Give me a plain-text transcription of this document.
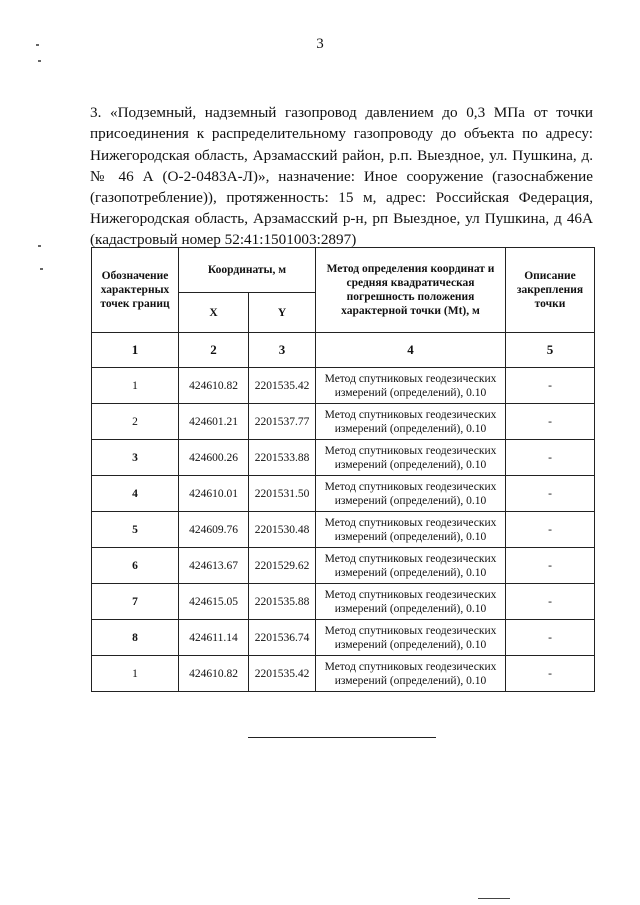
3

3. «Подземный, надземный газопровод давлением до 0,3 МПа от точки присоединения к распределительному газопроводу до объекта по адресу: Нижегородская область, Арзамасский район, р.п. Выездное, ул. Пушкина, д. № 46 А (О-2-0483А-Л)», назначение: Иное сооружение (газоснабжение (газопотребление)), протяженность: 15 м, адрес: Российская Федерация, Нижегородская область, Арзамасский р-н, рп Выездное, ул Пушкина, д 46А (кадастровый номер 52:41:1501003:2897)

Обозначение характерных точек границ	Координаты, м		Метод определения координат и средняя квадратическая погрешность положения характерной точки (Mt), м	Описание закрепления точки
	X	Y		
1	2	3	4	5
1	424610.82	2201535.42	Метод спутниковых геодезических измерений (определений), 0.10	-
2	424601.21	2201537.77	Метод спутниковых геодезических измерений (определений), 0.10	-
3	424600.26	2201533.88	Метод спутниковых геодезических измерений (определений), 0.10	-
4	424610.01	2201531.50	Метод спутниковых геодезических измерений (определений), 0.10	-
5	424609.76	2201530.48	Метод спутниковых геодезических измерений (определений), 0.10	-
6	424613.67	2201529.62	Метод спутниковых геодезических измерений (определений), 0.10	-
7	424615.05	2201535.88	Метод спутниковых геодезических измерений (определений), 0.10	-
8	424611.14	2201536.74	Метод спутниковых геодезических измерений (определений), 0.10	-
1	424610.82	2201535.42	Метод спутниковых геодезических измерений (определений), 0.10	-
